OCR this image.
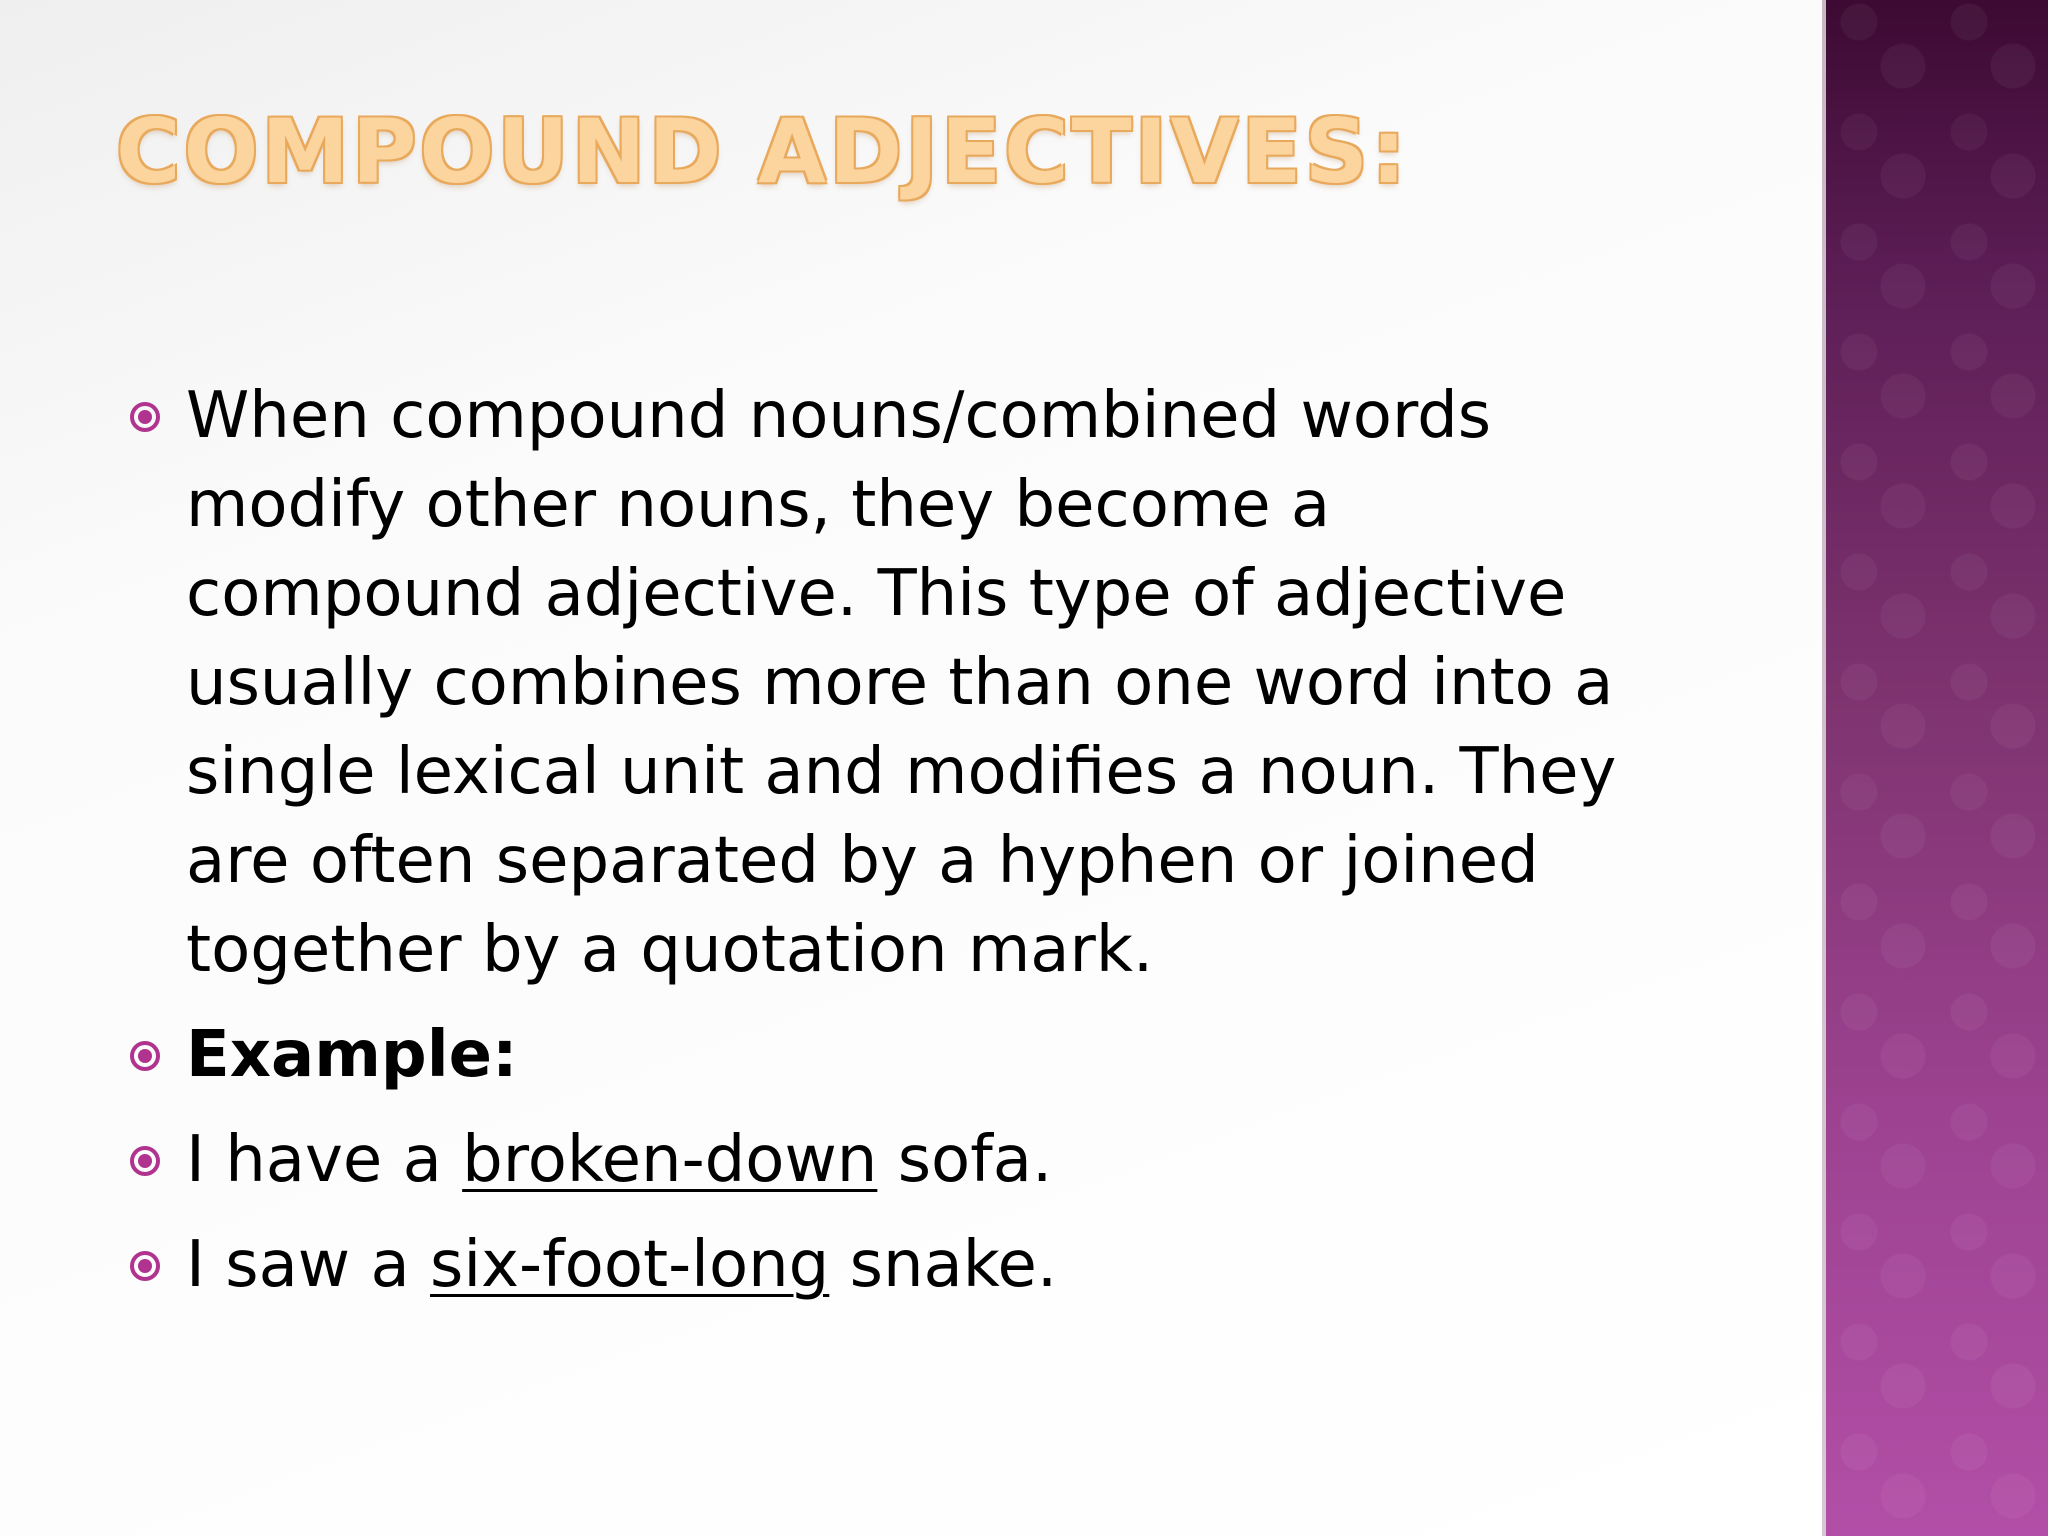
COMPOUND ADJECTIVES:
When compound nouns/combined words modify other nouns, they become a compound adjective. This type of adjective usually combines more than one word into a single lexical unit and modifies a noun. They are often separated by a hyphen or joined together by a quotation mark.
Example:
I have a broken-down sofa.
I saw a six-foot-long snake.
